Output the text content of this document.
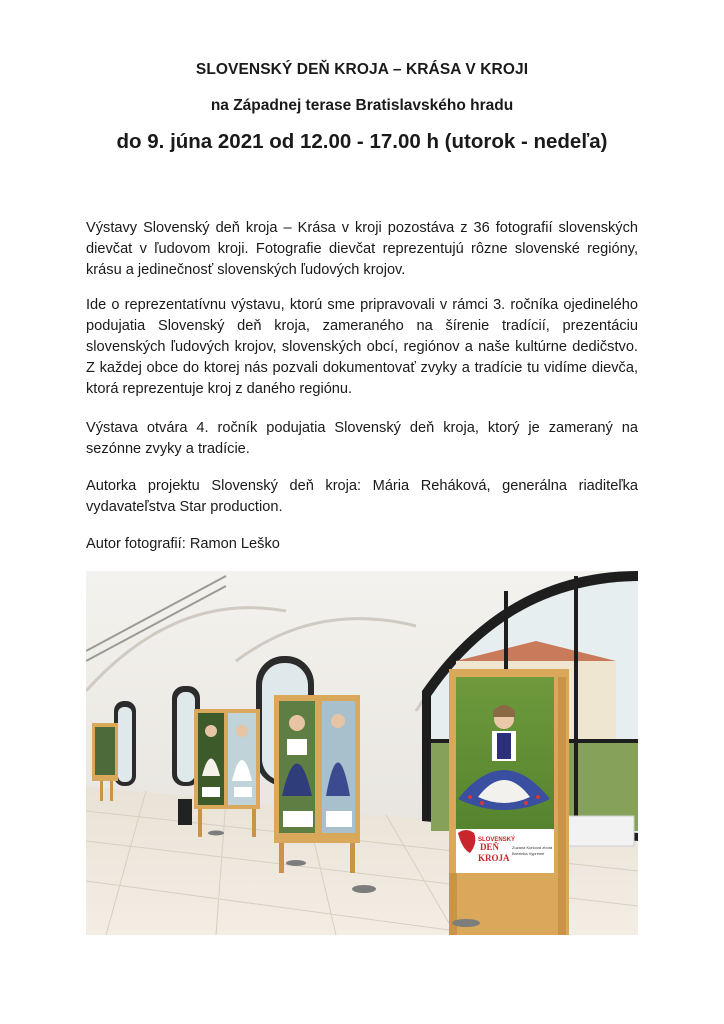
SLOVENSKÝ DEŇ KROJA – KRÁSA V KROJI
na Západnej terase Bratislavského hradu
do 9. júna 2021 od 12.00 - 17.00 h (utorok - nedeľa)

Výstavy Slovenský deň kroja – Krása v kroji pozostáva z 36 fotografií slovenských dievčat v ľudovom kroji. Fotografie dievčat reprezentujú rôzne slovenské regióny, krásu a jedinečnosť slovenských ľudových krojov.

Ide o reprezentatívnu výstavu, ktorú sme pripravovali v rámci 3. ročníka ojedinelého podujatia Slovenský deň kroja, zameraného na šírenie tradícií, prezentáciu slovenských ľudových krojov, slovenských obcí, regiónov a naše kultúrne dedičstvo. Z každej obce do ktorej nás pozvali dokumentovať zvyky a tradície tu vidíme dievča, ktorá reprezentuje kroj z daného regiónu.

Výstava otvára 4. ročník podujatia Slovenský deň kroja, ktorý je zameraný na sezónne zvyky a tradície.

Autorka projektu Slovenský deň kroja: Mária Reháková, generálna riaditeľka vydavateľstva Star production.

Autor fotografií: Ramon Leško

SLOVENSKÝ
DEŇ
KROJA
Zuzana Kurková zhora
Brezinka Vyprinne
